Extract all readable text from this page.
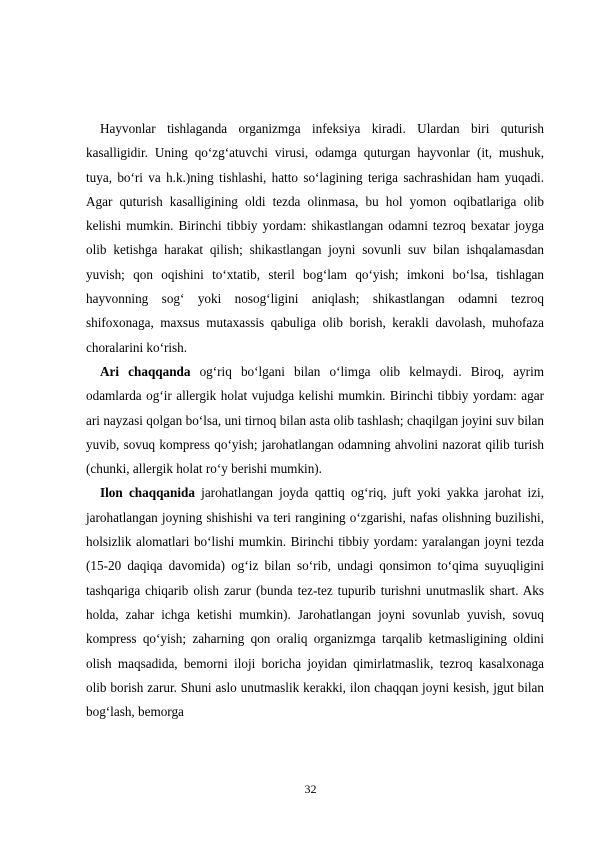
Hayvonlar tishlaganda organizmga infeksiya kiradi. Ulardan biri quturish kasalligidir. Uning qo‘zg‘atuvchi virusi, odamga quturgan hayvonlar (it, mushuk, tuya, bo‘ri va h.k.)ning tishlashi, hatto so‘lagining teriga sachrashidan ham yuqadi. Agar quturish kasalligining oldi tezda olinmasa, bu hol yomon oqibatlariga olib kelishi mumkin. Birinchi tibbiy yordam: shikastlangan odamni tezroq bexatar joyga olib ketishga harakat qilish; shikastlangan joyni sovunli suv bilan ishqalamasdan yuvish; qon oqishini to‘xtatib, steril bog‘lam qo‘yish; imkoni bo‘lsa, tishlagan hayvonning sog‘ yoki nosog‘ligini aniqlash; shikastlangan odamni tezroq shifoxonaga, maxsus mutaxassis qabuliga olib borish, kerakli davolash, muhofaza choralarini ko‘rish.

Ari chaqqanda og‘riq bo‘lgani bilan o‘limga olib kelmaydi. Biroq, ayrim odamlarda og‘ir allergik holat vujudga kelishi mumkin. Birinchi tibbiy yordam: agar ari nayzasi qolgan bo‘lsa, uni tirnoq bilan asta olib tashlash; chaqilgan joyini suv bilan yuvib, sovuq kompress qo‘yish; jarohatlangan odamning ahvolini nazorat qilib turish (chunki, allergik holat ro‘y berishi mumkin).

Ilon chaqqanida jarohatlangan joyda qattiq og‘riq, juft yoki yakka jarohat izi, jarohatlangan joyning shishishi va teri rangining o‘zgarishi, nafas olishning buzilishi, holsizlik alomatlari bo‘lishi mumkin. Birinchi tibbiy yordam: yaralangan joyni tezda (15-20 daqiqa davomida) og‘iz bilan so‘rib, undagi qonsimon to‘qima suyuqligini tashqariga chiqarib olish zarur (bunda tez-tez tupurib turishni unutmaslik shart. Aks holda, zahar ichga ketishi mumkin). Jarohatlangan joyni sovunlab yuvish, sovuq kompress qo‘yish; zaharning qon oraliq organizmga tarqalib ketmasligining oldini olish maqsadida, bemorni iloji boricha joyidan qimirlatmaslik, tezroq kasalxonaga olib borish zarur. Shuni aslo unutmaslik kerakki, ilon chaqqan joyni kesish, jgut bilan bog‘lash, bemorga

32
